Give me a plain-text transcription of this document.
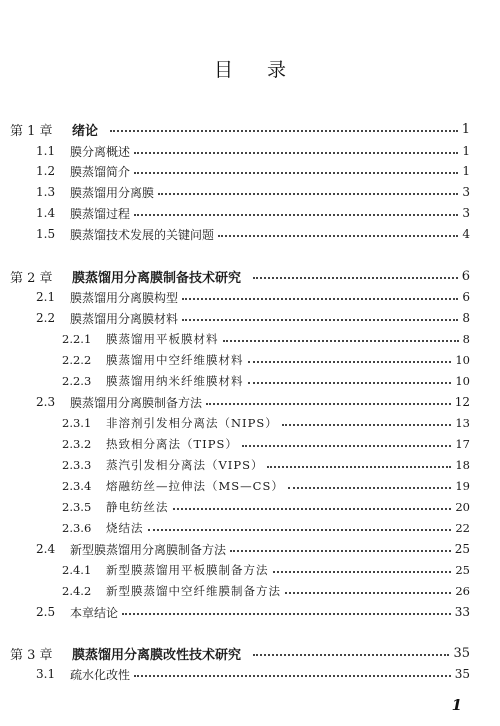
目 录
第 1 章	绪论	1
1.1	膜分离概述	1
1.2	膜蒸馏简介	1
1.3	膜蒸馏用分离膜	3
1.4	膜蒸馏过程	3
1.5	膜蒸馏技术发展的关键问题	4
第 2 章	膜蒸馏用分离膜制备技术研究	6
2.1	膜蒸馏用分离膜构型	6
2.2	膜蒸馏用分离膜材料	8
2.2.1	膜蒸馏用平板膜材料	8
2.2.2	膜蒸馏用中空纤维膜材料	10
2.2.3	膜蒸馏用纳米纤维膜材料	10
2.3	膜蒸馏用分离膜制备方法	12
2.3.1	非溶剂引发相分离法（NIPS）	13
2.3.2	热致相分离法（TIPS）	17
2.3.3	蒸汽引发相分离法（VIPS）	18
2.3.4	熔融纺丝—拉伸法（MS—CS）	19
2.3.5	静电纺丝法	20
2.3.6	烧结法	22
2.4	新型膜蒸馏用分离膜制备方法	25
2.4.1	新型膜蒸馏用平板膜制备方法	25
2.4.2	新型膜蒸馏中空纤维膜制备方法	26
2.5	本章结论	33
第 3 章	膜蒸馏用分离膜改性技术研究	35
3.1	疏水化改性	35
1
